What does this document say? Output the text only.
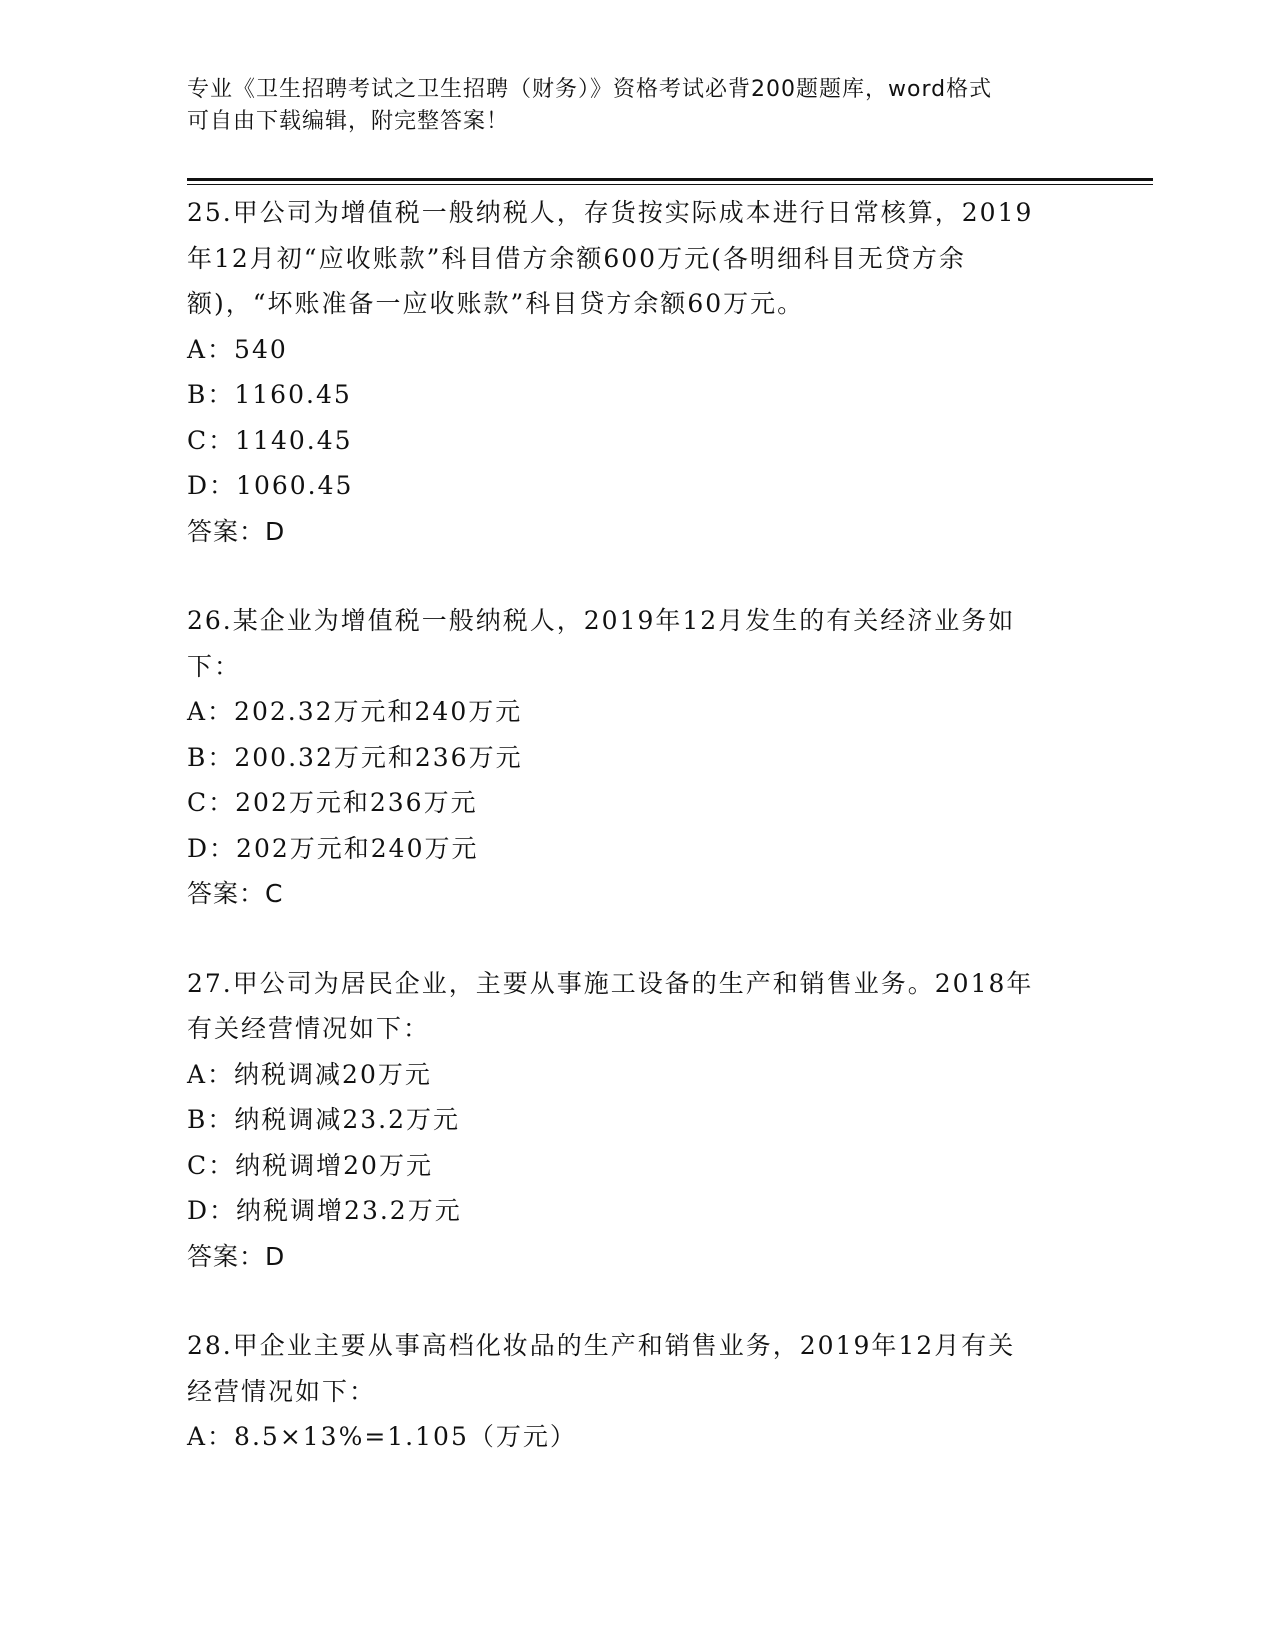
专业《卫生招聘考试之卫生招聘（财务）》资格考试必背200题题库，word格式
可自由下载编辑，附完整答案！
25.甲公司为增值税一般纳税人，存货按实际成本进行日常核算，2019
年12月初“应收账款”科目借方余额600万元(各明细科目无贷方余
额)，“坏账准备一应收账款”科目贷方余额60万元。
A：540
B：1160.45
C：1140.45
D：1060.45
答案：D
26.某企业为增值税一般纳税人，2019年12月发生的有关经济业务如
下：
A：202.32万元和240万元
B：200.32万元和236万元
C：202万元和236万元
D：202万元和240万元
答案：C
27.甲公司为居民企业，主要从事施工设备的生产和销售业务。2018年
有关经营情况如下：
A：纳税调减20万元
B：纳税调减23.2万元
C：纳税调增20万元
D：纳税调增23.2万元
答案：D
28.甲企业主要从事高档化妆品的生产和销售业务，2019年12月有关
经营情况如下：
A：8.5×13%=1.105（万元）
